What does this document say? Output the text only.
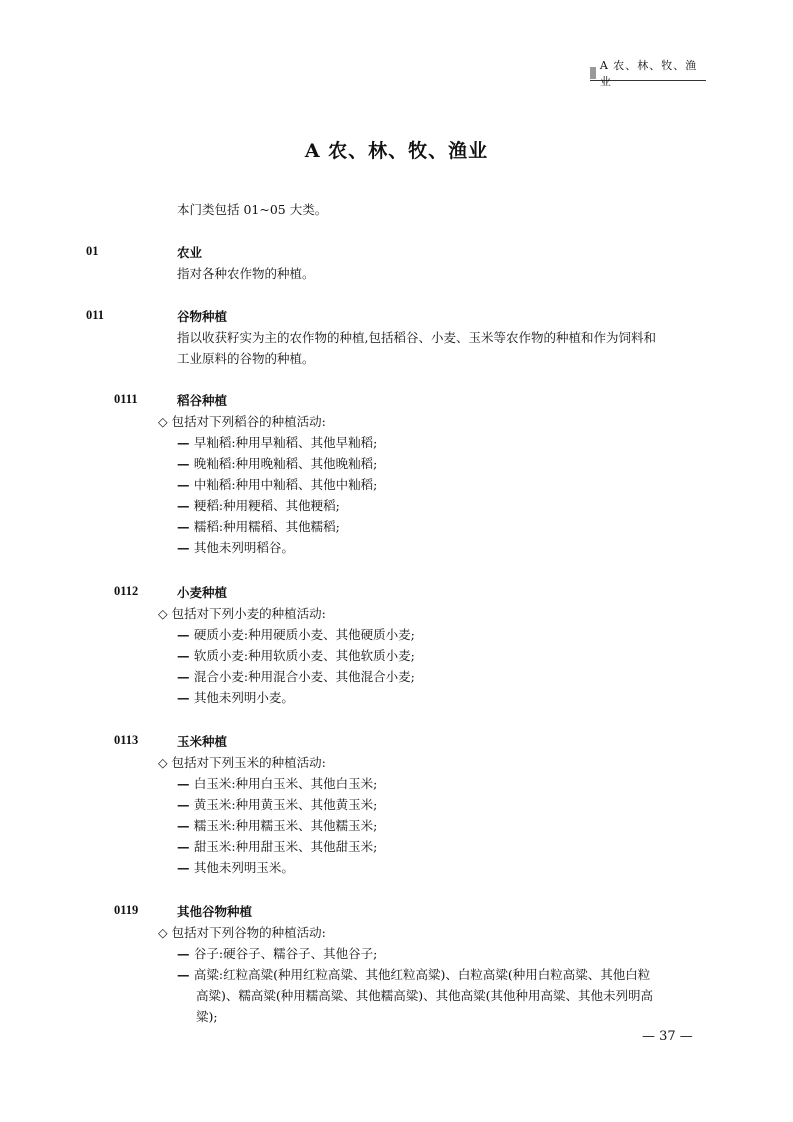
A 农、林、牧、渔业
A 农、林、牧、渔业
本门类包括 01~05 大类。
01	农业
指对各种农作物的种植。
011	谷物种植
指以收获籽实为主的农作物的种植,包括稻谷、小麦、玉米等农作物的种植和作为饲料和
工业原料的谷物的种植。
0111	稻谷种植
◇ 包括对下列稻谷的种植活动:
— 早籼稻:种用早籼稻、其他早籼稻;
— 晚籼稻:种用晚籼稻、其他晚籼稻;
— 中籼稻:种用中籼稻、其他中籼稻;
— 粳稻:种用粳稻、其他粳稻;
— 糯稻:种用糯稻、其他糯稻;
— 其他未列明稻谷。
0112	小麦种植
◇ 包括对下列小麦的种植活动:
— 硬质小麦:种用硬质小麦、其他硬质小麦;
— 软质小麦:种用软质小麦、其他软质小麦;
— 混合小麦:种用混合小麦、其他混合小麦;
— 其他未列明小麦。
0113	玉米种植
◇ 包括对下列玉米的种植活动:
— 白玉米:种用白玉米、其他白玉米;
— 黄玉米:种用黄玉米、其他黄玉米;
— 糯玉米:种用糯玉米、其他糯玉米;
— 甜玉米:种用甜玉米、其他甜玉米;
— 其他未列明玉米。
0119	其他谷物种植
◇ 包括对下列谷物的种植活动:
— 谷子:硬谷子、糯谷子、其他谷子;
— 高粱:红粒高粱(种用红粒高粱、其他红粒高粱)、白粒高粱(种用白粒高粱、其他白粒
高粱)、糯高粱(种用糯高粱、其他糯高粱)、其他高粱(其他种用高粱、其他未列明高
粱);
— 37 —
